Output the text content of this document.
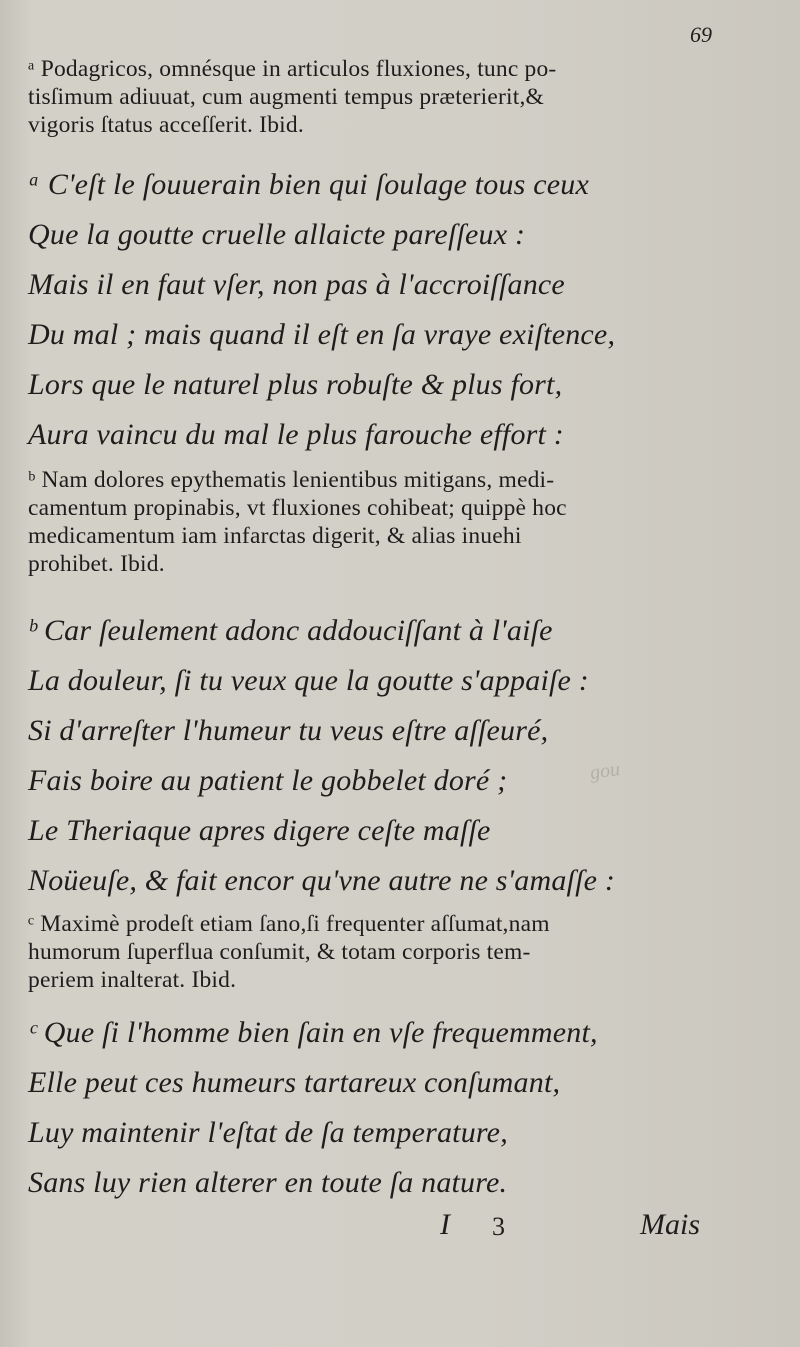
69
gou
ᵃ Podagricos, omnésque in articulos fluxiones, tunc po-
tisſimum adiuuat, cum augmenti tempus prӕterierit,&
vigoris ſtatus acceſſerit. Ibid.
ᵃ C'eſt le ſouuerain bien qui ſoulage tous ceux
Que la goutte cruelle allaicte pareſſeux :
Mais il en faut vſer, non pas à l'accroiſſance
Du mal ; mais quand il eſt en ſa vraye exiſtence,
Lors que le naturel plus robuſte & plus fort,
Aura vaincu du mal le plus farouche effort :
ᵇ Nam dolores epythematis lenientibus mitigans, medi-
camentum propinabis, vt fluxiones cohibeat; quippè hoc
medicamentum iam infarctas digerit, & alias inuehi
prohibet. Ibid.
ᵇ Car ſeulement adonc addouciſſant à l'aiſe
La douleur, ſi tu veux que la goutte s'appaiſe :
Si d'arreſter l'humeur tu veus eſtre aſſeuré,
Fais boire au patient le gobbelet doré ;
Le Theriaque apres digere ceſte maſſe
Noüeuſe, & fait encor qu'vne autre ne s'amaſſe :
ᶜ Maximè prodeſt etiam ſano,ſi frequenter aſſumat,nam
humorum ſuperflua conſumit, & totam corporis tem-
periem inalterat. Ibid.
ᶜ Que ſi l'homme bien ſain en vſe frequemment,
Elle peut ces humeurs tartareux conſumant,
Luy maintenir l'eſtat de ſa temperature,
Sans luy rien alterer en toute ſa nature.
I 3	Mais
